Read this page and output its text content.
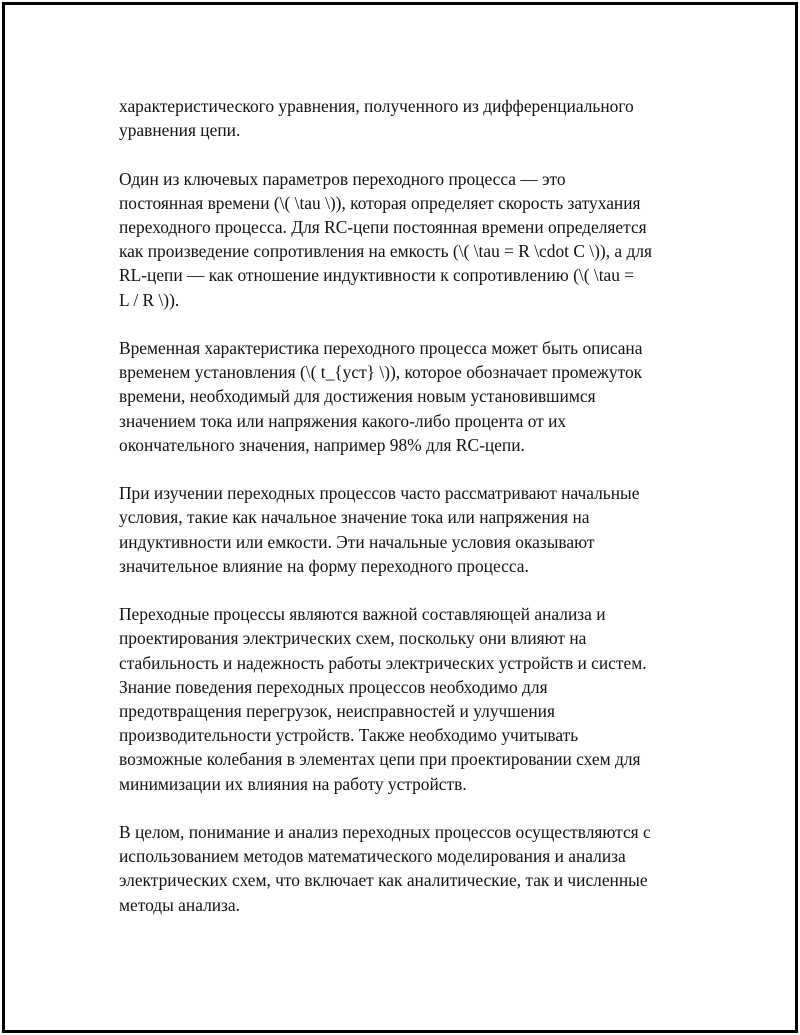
характеристического уравнения, полученного из дифференциального
уравнения цепи.

Один из ключевых параметров переходного процесса — это
постоянная времени (\( \tau \)), которая определяет скорость затухания
переходного процесса. Для RC-цепи постоянная времени определяется
как произведение сопротивления на емкость (\( \tau = R \cdot C \)), а для
RL-цепи — как отношение индуктивности к сопротивлению (\( \tau =
L / R \)).

Временная характеристика переходного процесса может быть описана
временем установления (\( t_{уст} \)), которое обозначает промежуток
времени, необходимый для достижения новым установившимся
значением тока или напряжения какого-либо процента от их
окончательного значения, например 98% для RC-цепи.

При изучении переходных процессов часто рассматривают начальные
условия, такие как начальное значение тока или напряжения на
индуктивности или емкости. Эти начальные условия оказывают
значительное влияние на форму переходного процесса.

Переходные процессы являются важной составляющей анализа и
проектирования электрических схем, поскольку они влияют на
стабильность и надежность работы электрических устройств и систем.
Знание поведения переходных процессов необходимо для
предотвращения перегрузок, неисправностей и улучшения
производительности устройств. Также необходимо учитывать
возможные колебания в элементах цепи при проектировании схем для
минимизации их влияния на работу устройств.

В целом, понимание и анализ переходных процессов осуществляются с
использованием методов математического моделирования и анализа
электрических схем, что включает как аналитические, так и численные
методы анализа.
